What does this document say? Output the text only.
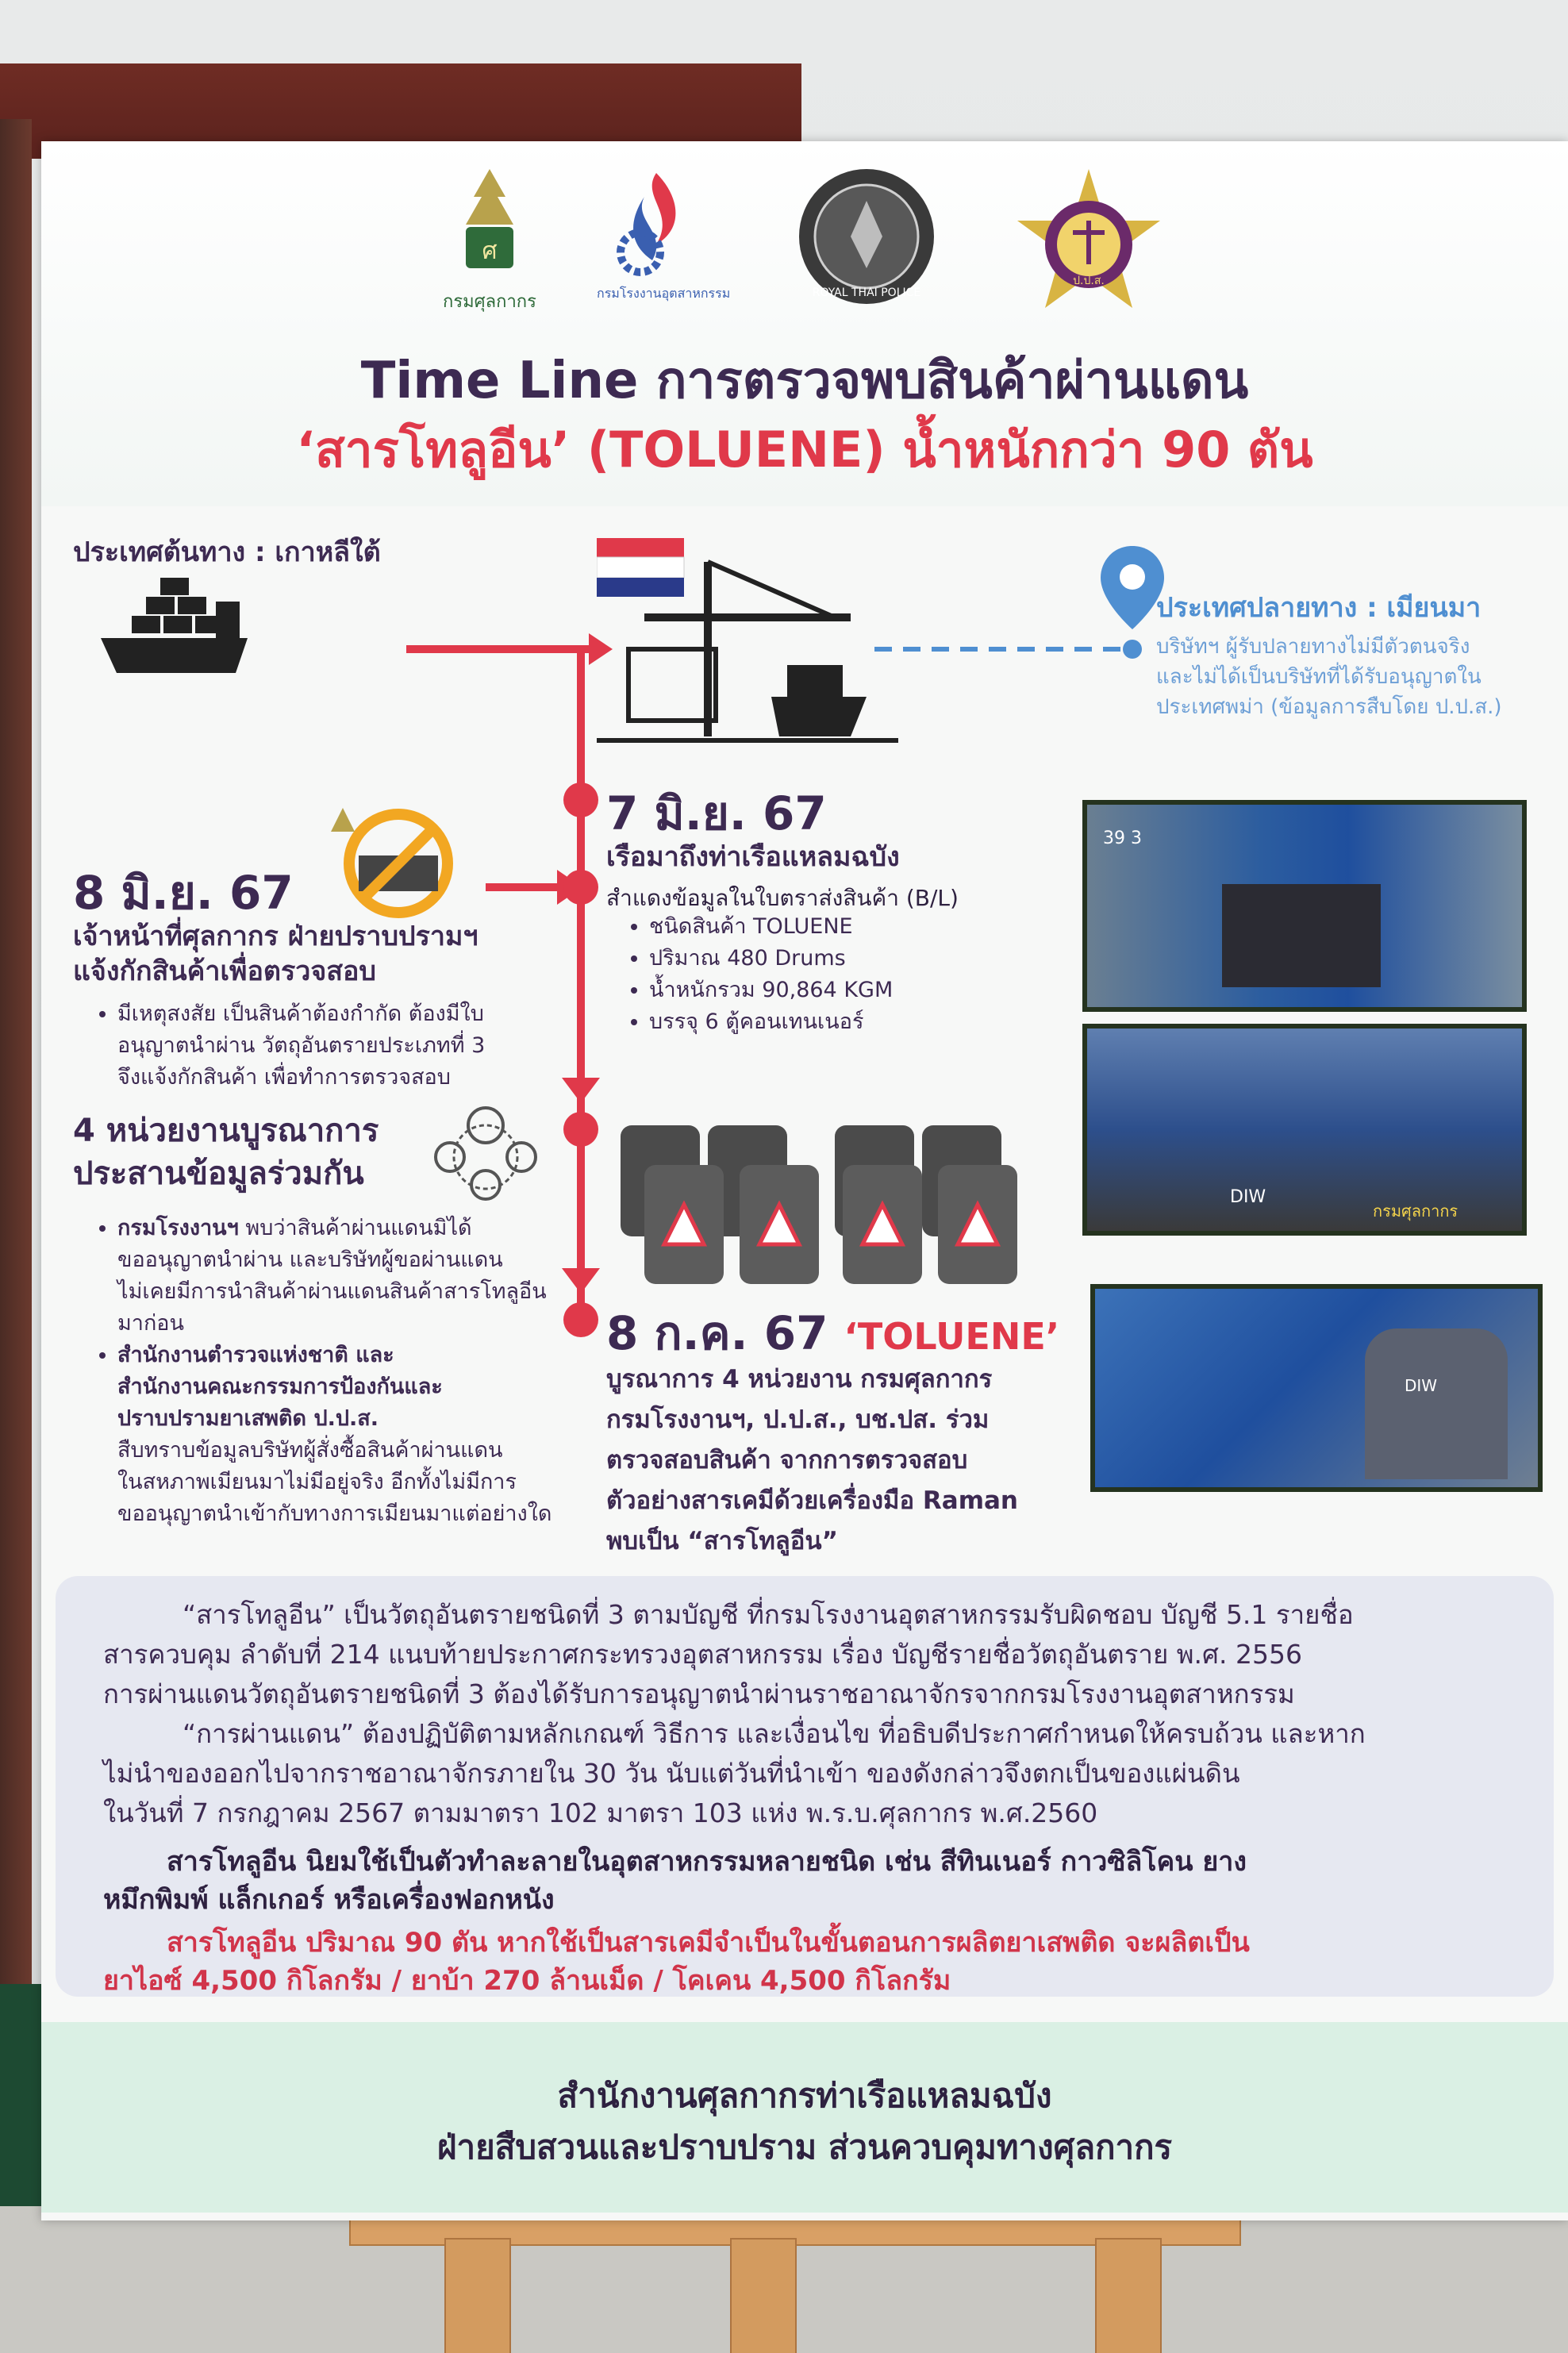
ศ
กรมศุลกากร	กรมโรงงานอุตสาหกรรม	ROYAL THAI POLICE
ป.ป.ส.
Time Line การตรวจพบสินค้าผ่านแดน
‘สารโทลูอีน’ (TOLUENE) น้ำหนักกว่า 90 ตัน
ประเทศต้นทาง : เกาหลีใต้
ประเทศปลายทาง : เมียนมา
บริษัทฯ ผู้รับปลายทางไม่มีตัวตนจริง
และไม่ได้เป็นบริษัทที่ได้รับอนุญาตใน
ประเทศพม่า (ข้อมูลการสืบโดย ป.ป.ส.)
7 มิ.ย. 67
เรือมาถึงท่าเรือแหลมฉบัง
สำแดงข้อมูลในใบตราส่งสินค้า (B/L)
• ชนิดสินค้า TOLUENE
• ปริมาณ 480 Drums
• น้ำหนักรวม 90,864 KGM
• บรรจุ 6 ตู้คอนเทนเนอร์
8 มิ.ย. 67
เจ้าหน้าที่ศุลกากร ฝ่ายปราบปรามฯ
แจ้งกักสินค้าเพื่อตรวจสอบ
• มีเหตุสงสัย เป็นสินค้าต้องกำกัด ต้องมีใบ
อนุญาตนำผ่าน วัตถุอันตรายประเภทที่ 3
จึงแจ้งกักสินค้า เพื่อทำการตรวจสอบ
4 หน่วยงานบูรณาการ
ประสานข้อมูลร่วมกัน
• กรมโรงงานฯ พบว่าสินค้าผ่านแดนมิได้
ขออนุญาตนำผ่าน และบริษัทผู้ขอผ่านแดน
ไม่เคยมีการนำสินค้าผ่านแดนสินค้าสารโทลูอีน
มาก่อน
• สำนักงานตำรวจแห่งชาติ และ
สำนักงานคณะกรรมการป้องกันและ
ปราบปรามยาเสพติด ป.ป.ส.
สืบทราบข้อมูลบริษัทผู้สั่งซื้อสินค้าผ่านแดน
ในสหภาพเมียนมาไม่มีอยู่จริง อีกทั้งไม่มีการ
ขออนุญาตนำเข้ากับทางการเมียนมาแต่อย่างใด
8 ก.ค. 67 ‘TOLUENE’
บูรณาการ 4 หน่วยงาน กรมศุลกากร
กรมโรงงานฯ, ป.ป.ส., บช.ปส. ร่วม
ตรวจสอบสินค้า จากการตรวจสอบ
ตัวอย่างสารเคมีด้วยเครื่องมือ Raman
พบเป็น “สารโทลูอีน”
39 3
DIW
กรมศุลกากร
DIW
“สารโทลูอีน” เป็นวัตถุอันตรายชนิดที่ 3 ตามบัญชี ที่กรมโรงงานอุตสาหกรรมรับผิดชอบ บัญชี 5.1 รายชื่อ
สารควบคุม ลำดับที่ 214 แนบท้ายประกาศกระทรวงอุตสาหกรรม เรื่อง บัญชีรายชื่อวัตถุอันตราย พ.ศ. 2556
การผ่านแดนวัตถุอันตรายชนิดที่ 3 ต้องได้รับการอนุญาตนำผ่านราชอาณาจักรจากกรมโรงงานอุตสาหกรรม
“การผ่านแดน” ต้องปฏิบัติตามหลักเกณฑ์ วิธีการ และเงื่อนไข ที่อธิบดีประกาศกำหนดให้ครบถ้วน และหาก
ไม่นำของออกไปจากราชอาณาจักรภายใน 30 วัน นับแต่วันที่นำเข้า ของดังกล่าวจึงตกเป็นของแผ่นดิน
ในวันที่ 7 กรกฎาคม 2567 ตามมาตรา 102 มาตรา 103 แห่ง พ.ร.บ.ศุลกากร พ.ศ.2560
สารโทลูอีน นิยมใช้เป็นตัวทำละลายในอุตสาหกรรมหลายชนิด เช่น สีทินเนอร์ กาวซิลิโคน ยาง
หมึกพิมพ์ แล็กเกอร์ หรือเครื่องฟอกหนัง
สารโทลูอีน ปริมาณ 90 ตัน หากใช้เป็นสารเคมีจำเป็นในขั้นตอนการผลิตยาเสพติด จะผลิตเป็น
ยาไอซ์ 4,500 กิโลกรัม / ยาบ้า 270 ล้านเม็ด / โคเคน 4,500 กิโลกรัม
สำนักงานศุลกากรท่าเรือแหลมฉบัง
ฝ่ายสืบสวนและปราบปราม ส่วนควบคุมทางศุลกากร
